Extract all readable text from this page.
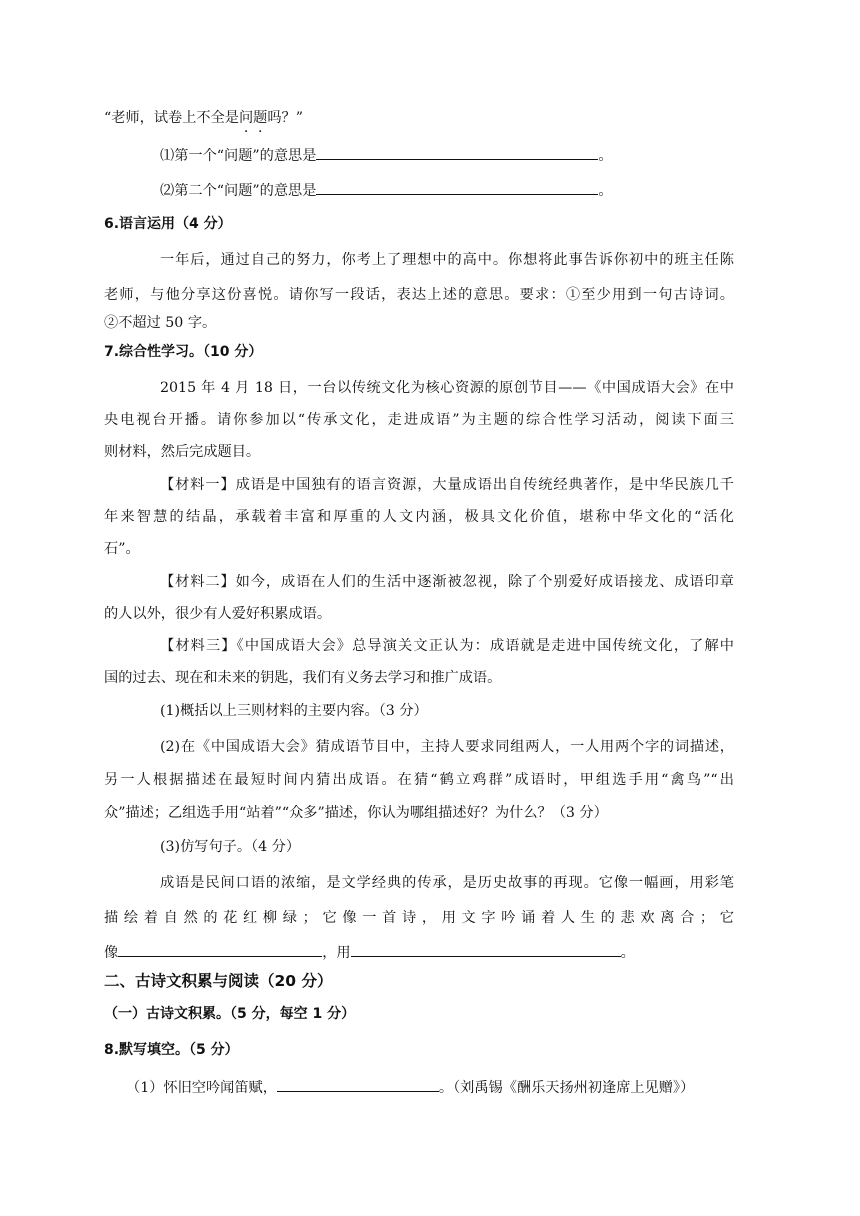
“老师，试卷上不全是问题吗？”
⑴第一个“问题”的意思是	。
⑵第二个“问题”的意思是	。
6.语言运用（4 分）
一年后，通过自己的努力，你考上了理想中的高中。你想将此事告诉你初中的班主任陈
老师，与他分享这份喜悦。请你写一段话，表达上述的意思。要求：①至少用到一句古诗词。
②不超过 50 字。
7.综合性学习。（10 分）
2015 年 4 月 18 日，一台以传统文化为核心资源的原创节目——《中国成语大会》在中
央电视台开播。请你参加以“传承文化，走进成语”为主题的综合性学习活动，阅读下面三
则材料，然后完成题目。
【材料一】成语是中国独有的语言资源，大量成语出自传统经典著作，是中华民族几千
年来智慧的结晶，承载着丰富和厚重的人文内涵，极具文化价值，堪称中华文化的“活化
石”。
【材料二】如今，成语在人们的生活中逐渐被忽视，除了个别爱好成语接龙、成语印章
的人以外，很少有人爱好积累成语。
【材料三】《中国成语大会》总导演关文正认为：成语就是走进中国传统文化，了解中
国的过去、现在和未来的钥匙，我们有义务去学习和推广成语。
(1)概括以上三则材料的主要内容。（3 分）
(2)在《中国成语大会》猜成语节目中，主持人要求同组两人，一人用两个字的词描述，
另一人根据描述在最短时间内猜出成语。在猜“鹤立鸡群”成语时，甲组选手用“禽鸟”“出
众”描述；乙组选手用“站着”“众多”描述，你认为哪组描述好？为什么？（3 分）
(3)仿写句子。（4 分）
成语是民间口语的浓缩，是文学经典的传承，是历史故事的再现。它像一幅画，用彩笔
描绘着自然的花红柳绿；它像一首诗，用文字吟诵着人生的悲欢离合；它
像	，用	。
二、古诗文积累与阅读（20 分）
（一）古诗文积累。（5 分，每空 1 分）
8.默写填空。（5 分）
（1）怀旧空吟闻笛赋，	。（刘禹锡《酬乐天扬州初逢席上见赠》）
